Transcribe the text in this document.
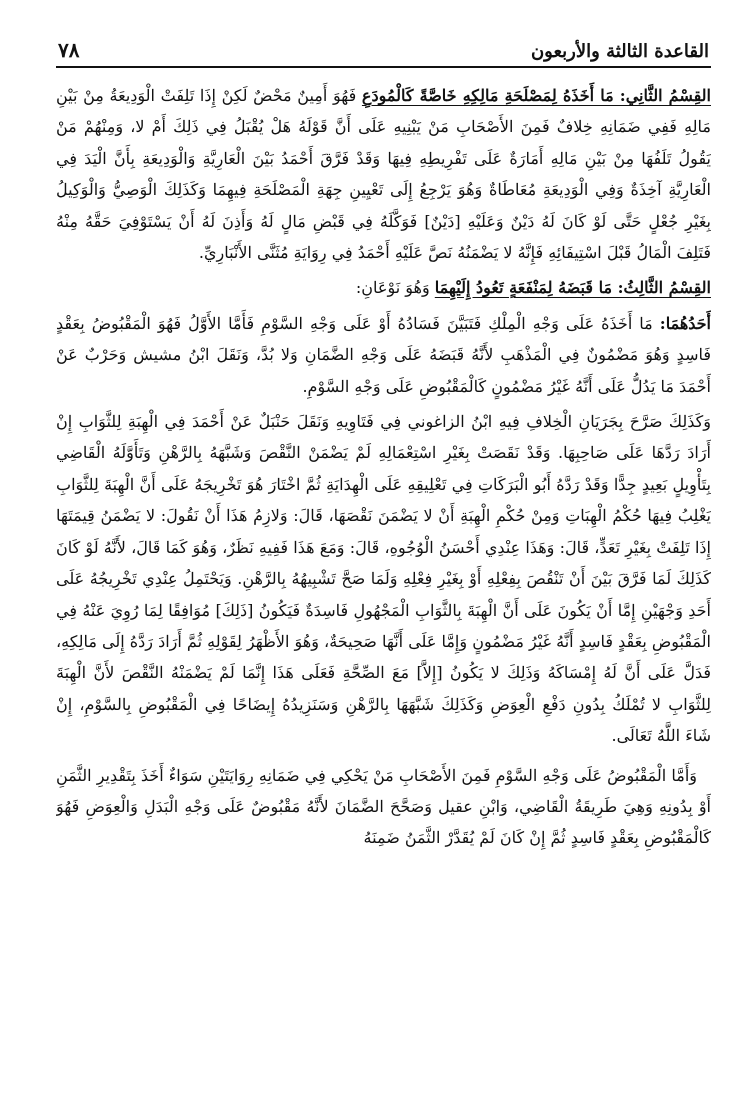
القاعدة الثالثة والأربعون
٧٨

القِسْمُ الثَّانِي: مَا أَخَذَهُ لِمَصْلَحَةِ مَالِكِهِ خَاصَّةً كَالْمُودَعِ فَهُوَ أَمِينٌ مَحْضٌ لَكِنْ إِذَا تَلِفَتْ الْوَدِيعَةُ مِنْ بَيْنِ مَالِهِ فَفِي ضَمَانِهِ خِلافٌ فَمِنَ الأَصْحَابِ مَنْ يَبْنِيهِ عَلَى أَنَّ قَوْلَهُ هَلْ يُقْبَلُ فِي ذَلِكَ أَمْ لا، وَمِنْهُمْ مَنْ يَقُولُ تَلَفُهَا مِنْ بَيْنِ مَالِهِ أَمَارَةٌ عَلَى تَفْرِيطِهِ فِيهَا وَقَدْ فَرَّقَ أَحْمَدُ بَيْنَ الْعَارِيَّةِ وَالْوَدِيعَةِ بِأَنَّ الْيَدَ فِي الْعَارِيَّةِ آخِذَةٌ وَفِي الْوَدِيعَةِ مُعَاطَاةٌ وَهُوَ يَرْجِعُ إِلَى تَعْيِينِ جِهَةِ الْمَصْلَحَةِ فِيهِمَا وَكَذَلِكَ الْوَصِيُّ وَالْوَكِيلُ بِغَيْرِ جُعْلٍ حَتَّى لَوْ كَانَ لَهُ دَيْنٌ وَعَلَيْهِ [دَيْنٌ] فَوَكَّلَهُ فِي قَبْضِ مَالٍ لَهُ وَأَذِنَ لَهُ أَنْ يَسْتَوْفِيَ حَقَّهُ مِنْهُ فَتَلِفَ الْمَالُ قَبْلَ اسْتِيفَائِهِ فَإِنَّهُ لا يَضْمَنُهُ نَصَّ عَلَيْهِ أَحْمَدُ فِي رِوَايَةِ مُثَنَّى الأَنْبَارِيِّ.

القِسْمُ الثَّالِثُ: مَا قَبَضَهُ لِمَنْفَعَةٍ تَعُودُ إِلَيْهِمَا وَهُوَ نَوْعَانِ:

أَحَدُهُمَا: مَا أَخَذَهُ عَلَى وَجْهِ الْمِلْكِ فَتَبَيَّنَ فَسَادُهُ أَوْ عَلَى وَجْهِ السَّوْمِ فَأَمَّا الأَوَّلُ فَهُوَ الْمَقْبُوضُ بِعَقْدٍ فَاسِدٍ وَهُوَ مَضْمُونٌ فِي الْمَذْهَبِ لأَنَّهُ قَبَضَهُ عَلَى وَجْهِ الضَّمَانِ وَلا بُدَّ، وَنَقَلَ ابْنُ مشيش وَحَرْبٌ عَنْ أَحْمَدَ مَا يَدُلُّ عَلَى أَنَّهُ غَيْرُ مَضْمُونٍ كَالْمَقْبُوضِ عَلَى وَجْهِ السَّوْمِ.

وَكَذَلِكَ صَرَّحَ بِجَرَيَانِ الْخِلافِ فِيهِ ابْنُ الزاغوني فِي فَتَاوِيهِ وَنَقَلَ حَنْبَلٌ عَنْ أَحْمَدَ فِي الْهِبَةِ لِلثَّوَابِ إِنْ أَرَادَ رَدَّهَا عَلَى صَاحِبِهَا. وَقَدْ نَقَصَتْ بِغَيْرِ اسْتِعْمَالِهِ لَمْ يَضْمَنْ النَّقْصَ وَشَبَّهَهُ بِالرَّهْنِ وَتَأَوَّلَهُ الْقَاضِي بِتَأْوِيلٍ بَعِيدٍ جِدًّا وَقَدْ رَدَّهُ أَبُو الْبَرَكَاتِ فِي تَعْلِيقِهِ عَلَى الْهِدَايَةِ ثُمَّ اخْتَارَ هُوَ تَخْرِيجَهُ عَلَى أَنَّ الْهِبَةَ لِلثَّوَابِ يَغْلِبُ فِيهَا حُكْمُ الْهِبَاتِ وَمِنْ حُكْمِ الْهِبَةِ أَنْ لا يَضْمَنَ نَقْصَهَا، قَالَ: وَلازِمُ هَذَا أَنْ نَقُولَ: لا يَضْمَنُ قِيمَتَهَا إِذَا تَلِفَتْ بِغَيْرِ تَعَدٍّ، قَالَ: وَهَذَا عِنْدِي أَحْسَنُ الْوُجُوهِ، قَالَ: وَمَعَ هَذَا فَفِيهِ نَظَرٌ، وَهُوَ كَمَا قَالَ، لأَنَّهُ لَوْ كَانَ كَذَلِكَ لَمَا فَرَّقَ بَيْنَ أَنْ تَنْقُصَ بِفِعْلِهِ أَوْ بِغَيْرِ فِعْلِهِ وَلَمَا صَحَّ تَشْبِيهُهُ بِالرَّهْنِ. وَيَحْتَمِلُ عِنْدِي تَخْرِيجُهُ عَلَى أَحَدِ وَجْهَيْنِ إِمَّا أَنْ يَكُونَ عَلَى أَنَّ الْهِبَةَ بِالثَّوَابِ الْمَجْهُولِ فَاسِدَةٌ فَيَكُونُ [ذَلِكَ] مُوَافِقًا لِمَا رُوِيَ عَنْهُ فِي الْمَقْبُوضِ بِعَقْدٍ فَاسِدٍ أَنَّهُ غَيْرُ مَضْمُونٍ وَإِمَّا عَلَى أَنَّهَا صَحِيحَةٌ، وَهُوَ الأَظْهَرُ لِقَوْلِهِ ثُمَّ أَرَادَ رَدَّهُ إِلَى مَالِكِهِ، فَدَلَّ عَلَى أَنَّ لَهُ إِمْسَاكَهُ وَذَلِكَ لا يَكُونُ [إِلاَّ] مَعَ الصِّحَّةِ فَعَلَى هَذَا إِنَّمَا لَمْ يَضْمَنْهُ النَّقْصَ لأَنَّ الْهِبَةَ لِلثَّوَابِ لا تُمْلَكُ بِدُونِ دَفْعِ الْعِوَضِ وَكَذَلِكَ شَبَّهَهَا بِالرَّهْنِ وَسَنَزِيدُهُ إِيضَاحًا فِي الْمَقْبُوضِ بِالسَّوْمِ، إِنْ شَاءَ اللَّهُ تَعَالَى.

وَأَمَّا الْمَقْبُوضُ عَلَى وَجْهِ السَّوْمِ فَمِنَ الأَصْحَابِ مَنْ يَحْكِي فِي ضَمَانِهِ رِوَايَتَيْنِ سَوَاءٌ أَخَذَ بِتَقْدِيرِ الثَّمَنِ أَوْ بِدُونِهِ وَهِيَ طَرِيقَةُ الْقَاضِي، وَابْنِ عقيل وَصَحَّحَ الضَّمَانَ لأَنَّهُ مَقْبُوضٌ عَلَى وَجْهِ الْبَدَلِ وَالْعِوَضِ فَهُوَ كَالْمَقْبُوضِ بِعَقْدٍ فَاسِدٍ ثُمَّ إِنْ كَانَ لَمْ يُقَدَّرْ الثَّمَنُ ضَمِنَهُ
